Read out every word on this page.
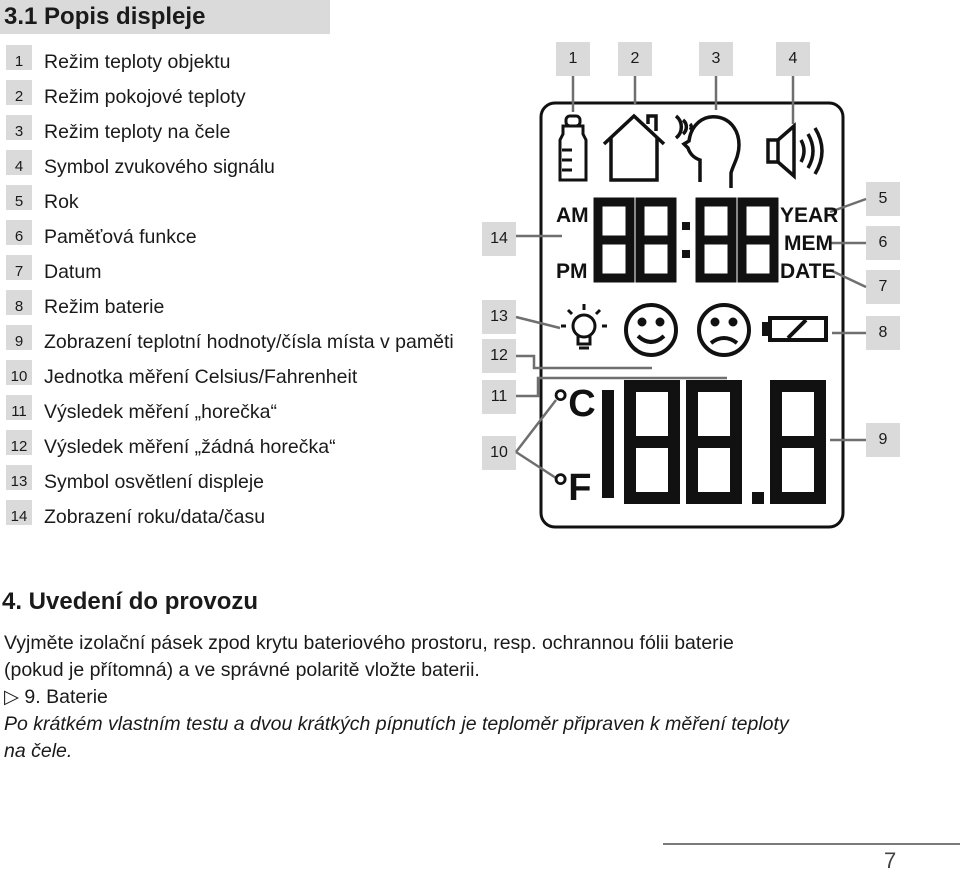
3.1 Popis displeje
1	Režim teploty objektu
2	Režim pokojové teploty
3	Režim teploty na čele
4	Symbol zvukového signálu
5	Rok
6	Paměťová funkce
7	Datum
8	Režim baterie
9	Zobrazení teplotní hodnoty/čísla místa v paměti
10 Jednotka měření Celsius/Fahrenheit
11 Výsledek měření „horečka“
12 Výsledek měření „žádná horečka“
13 Symbol osvětlení displeje
14 Zobrazení roku/data/času
1	2	3	4
5
6
7
8
9
10
11
12
13
14
AM
PM
YEAR
MEM
DATE
°C
°F
4. Uvedení do provozu
Vyjměte izolační pásek zpod krytu bateriového prostoru, resp. ochrannou fólii baterie
(pokud je přítomná) a ve správné polaritě vložte baterii.
▷ 9. Baterie
Po krátkém vlastním testu a dvou krátkých pípnutích je teploměr připraven k měření teploty
na čele.
7
